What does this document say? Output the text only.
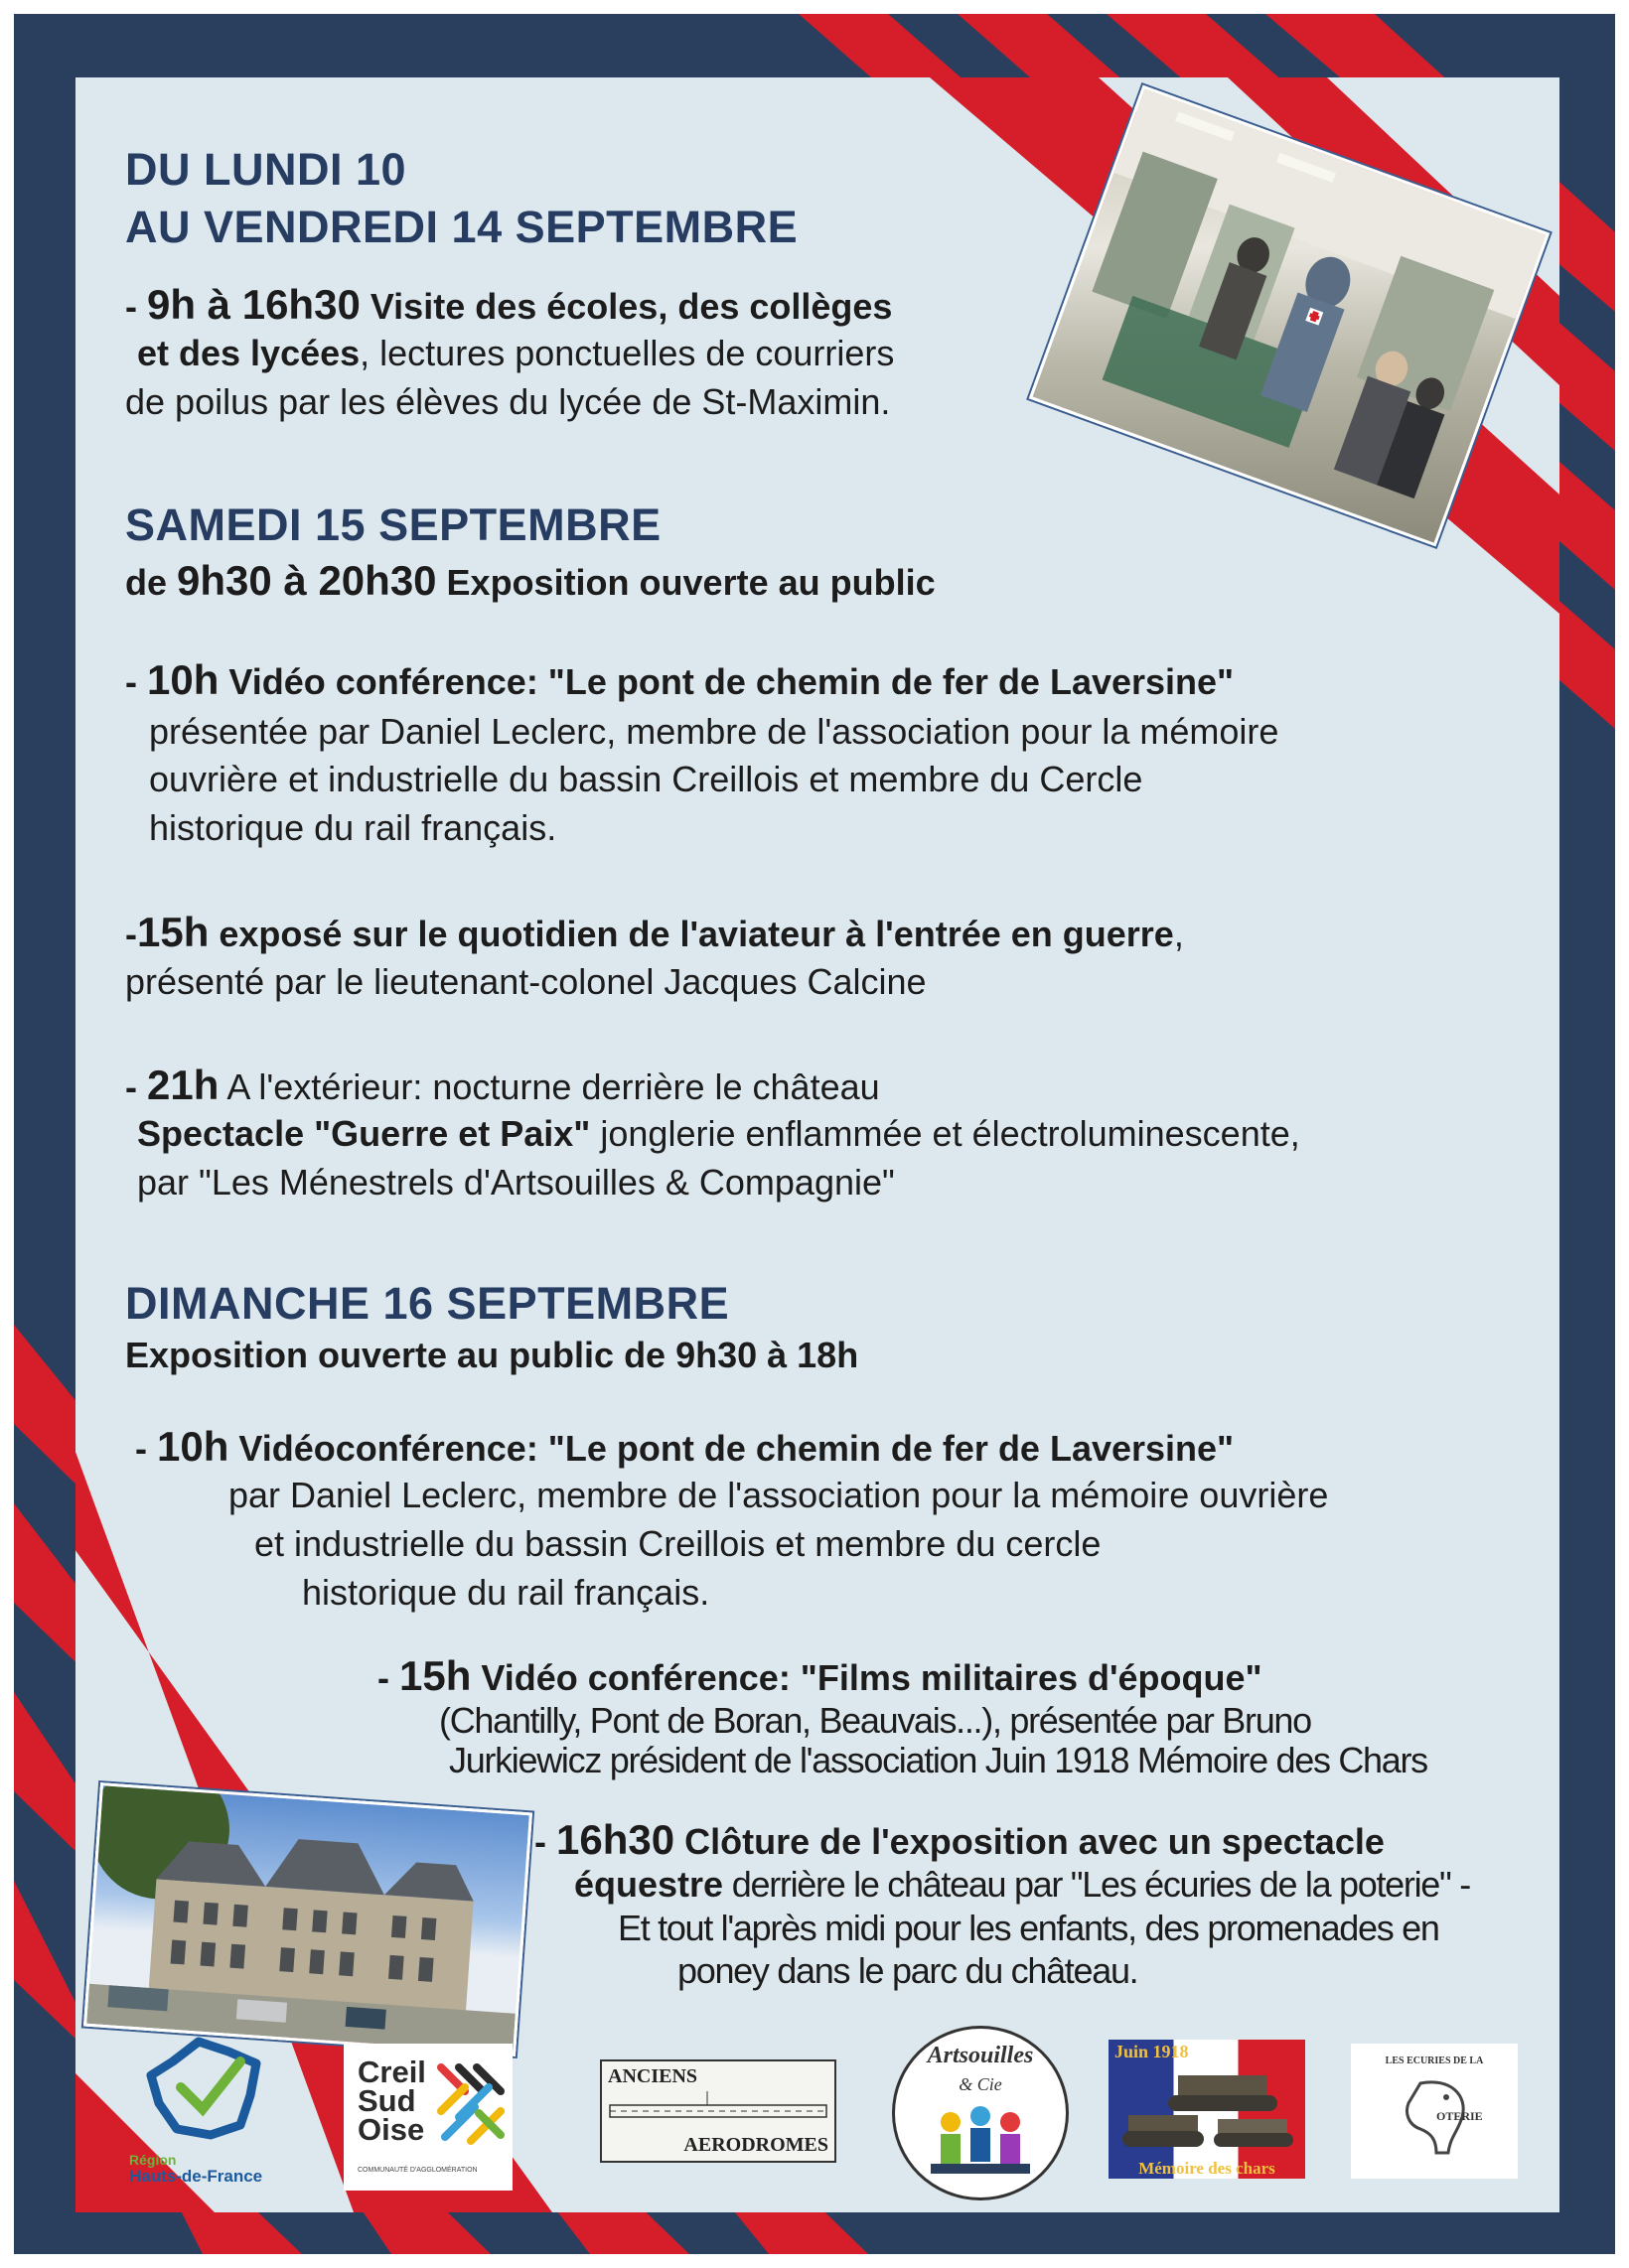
DU LUNDI 10
AU VENDREDI 14 SEPTEMBRE

- 9h à 16h30 Visite des écoles, des collèges

et des lycées, lectures ponctuelles de courriers

de poilus par les élèves du lycée de St-Maximin.

SAMEDI 15 SEPTEMBRE

de 9h30 à 20h30 Exposition ouverte au public

- 10h Vidéo conférence: "Le pont de chemin de fer de Laversine"

présentée par Daniel Leclerc, membre de l'association pour la mémoire

ouvrière et industrielle du bassin Creillois et membre du Cercle

historique du rail français.

-15h exposé sur le quotidien de l'aviateur à l'entrée en guerre,

présenté par le lieutenant-colonel Jacques Calcine

- 21h A l'extérieur: nocturne derrière le château

Spectacle "Guerre et Paix" jonglerie enflammée et électroluminescente,

par "Les Ménestrels d'Artsouilles & Compagnie"

DIMANCHE 16 SEPTEMBRE

Exposition ouverte au public de 9h30 à 18h

- 10h Vidéoconférence: "Le pont de chemin de fer de Laversine"

par Daniel Leclerc, membre de l'association pour la mémoire ouvrière

et industrielle du bassin Creillois et membre du cercle

historique du rail français.

- 15h Vidéo conférence: "Films militaires d'époque"

(Chantilly, Pont de Boran, Beauvais...), présentée par Bruno

Jurkiewicz président de l'association Juin 1918 Mémoire des Chars

- 16h30 Clôture de l'exposition avec un spectacle

équestre derrière le château par "Les écuries de la poterie" -

Et tout l'après midi pour les enfants, des promenades en

poney dans le parc du château.

Région
Hauts-de-France
Creil
Sud
Oise
COMMUNAUTÉ D'AGGLOMÉRATION
ANCIENS
AERODROMES
Artsouilles
& Cie
Juin 1918
Mémoire des chars
LES ECURIES DE LA
OTERIE
